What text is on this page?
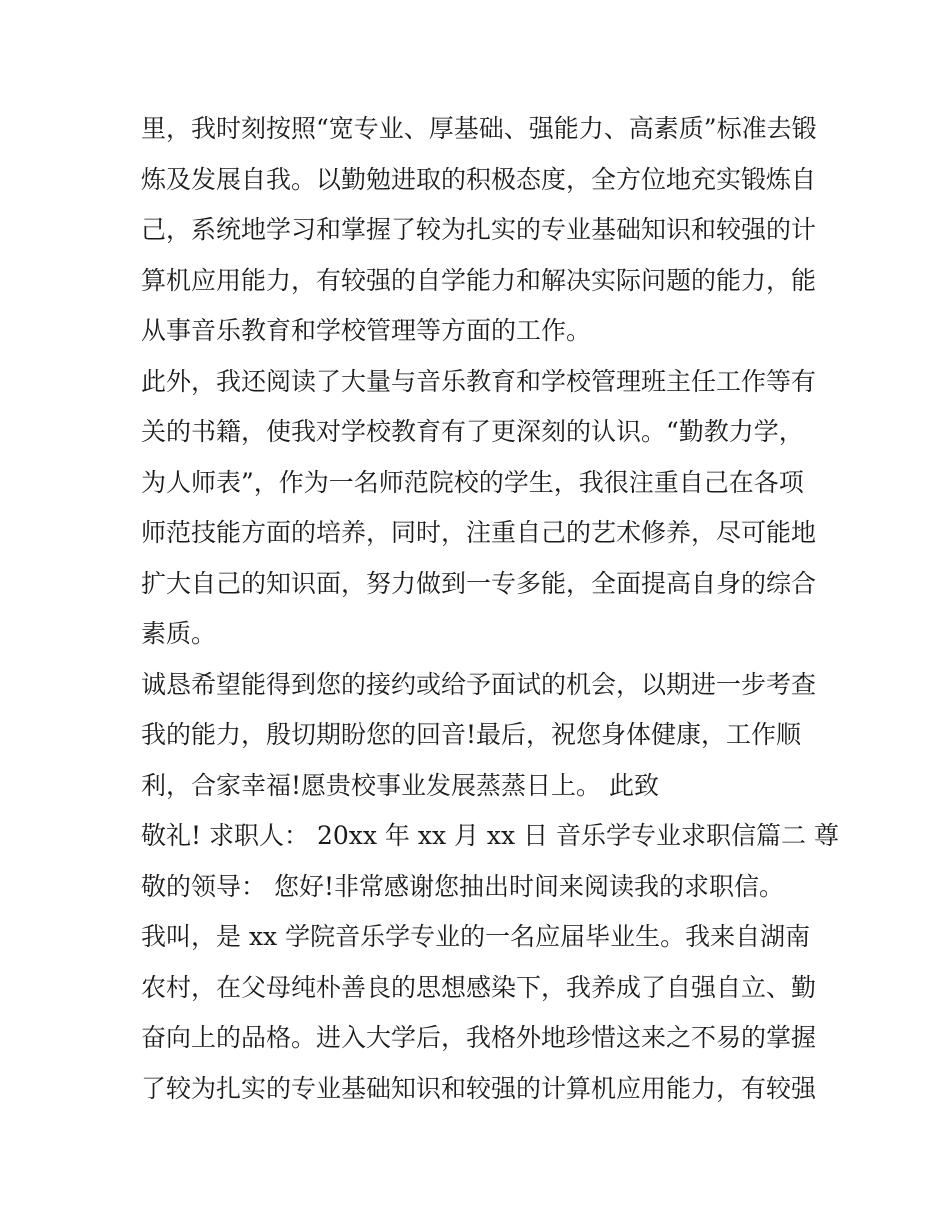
里，我时刻按照“宽专业、厚基础、强能力、高素质”标准去锻
炼及发展自我。以勤勉进取的积极态度，全方位地充实锻炼自
己，系统地学习和掌握了较为扎实的专业基础知识和较强的计
算机应用能力，有较强的自学能力和解决实际问题的能力，能
从事音乐教育和学校管理等方面的工作。
此外，我还阅读了大量与音乐教育和学校管理班主任工作等有
关的书籍，使我对学校教育有了更深刻的认识。“勤教力学，
为人师表”，作为一名师范院校的学生，我很注重自己在各项
师范技能方面的培养，同时，注重自己的艺术修养，尽可能地
扩大自己的知识面，努力做到一专多能，全面提高自身的综合
素质。
诚恳希望能得到您的接约或给予面试的机会，以期进一步考查
我的能力，殷切期盼您的回音!最后，祝您身体健康，工作顺
利，合家幸福!愿贵校事业发展蒸蒸日上。 此致
敬礼! 求职人： 20xx 年 xx 月 xx 日 音乐学专业求职信篇二 尊
敬的领导： 您好!非常感谢您抽出时间来阅读我的求职信。
我叫，是 xx 学院音乐学专业的一名应届毕业生。我来自湖南
农村，在父母纯朴善良的思想感染下，我养成了自强自立、勤
奋向上的品格。进入大学后，我格外地珍惜这来之不易的掌握
了较为扎实的专业基础知识和较强的计算机应用能力，有较强
